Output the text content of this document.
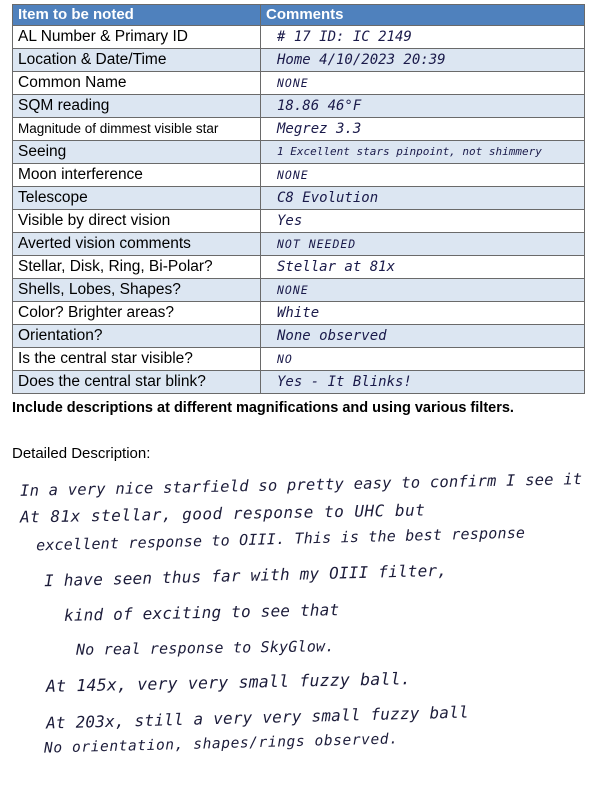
Item to be noted	Comments
AL Number & Primary ID	# 17 ID: IC 2149
Location & Date/Time	Home 4/10/2023 20:39
Common Name	NONE
SQM reading	18.86 46°F
Magnitude of dimmest visible star	Megrez 3.3
Seeing	1 Excellent stars pinpoint, not shimmery
Moon interference	NONE
Telescope	C8 Evolution
Visible by direct vision	Yes
Averted vision comments	NOT NEEDED
Stellar, Disk, Ring, Bi-Polar?	Stellar at 81x
Shells, Lobes, Shapes?	NONE
Color? Brighter areas?	White
Orientation?	None observed
Is the central star visible?	NO
Does the central star blink?	Yes - It Blinks!
Include descriptions at different magnifications and using various filters.
Detailed Description:
In a very nice starfield so pretty easy to confirm I see it
At 81x stellar, good response to UHC but
excellent response to OIII. This is the best response
I have seen thus far with my OIII filter,
kind of exciting to see that
No real response to SkyGlow.
At 145x, very very small fuzzy ball.
At 203x, still a very very small fuzzy ball
No orientation, shapes/rings observed.
